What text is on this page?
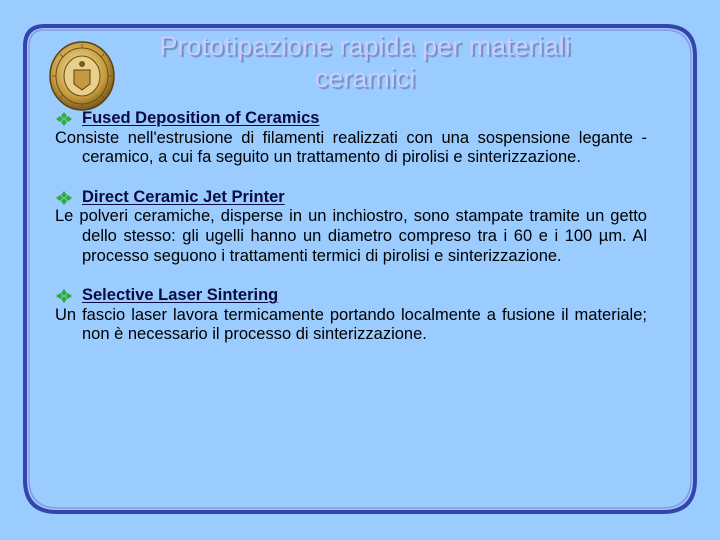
Prototipazione rapida per materiali
ceramici
Fused Deposition of Ceramics
Consiste nell'estrusione di filamenti realizzati con una sospensione legante - ceramico, a cui fa seguito un trattamento di pirolisi e sinterizzazione.
Direct Ceramic Jet Printer
Le polveri ceramiche, disperse in un inchiostro, sono stampate tramite un getto dello stesso: gli ugelli hanno un diametro compreso tra i 60 e i 100 µm. Al processo seguono i trattamenti termici di pirolisi e sinterizzazione.
Selective Laser Sintering
Un fascio laser lavora termicamente portando localmente a fusione il materiale; non è necessario il processo di sinterizzazione.
